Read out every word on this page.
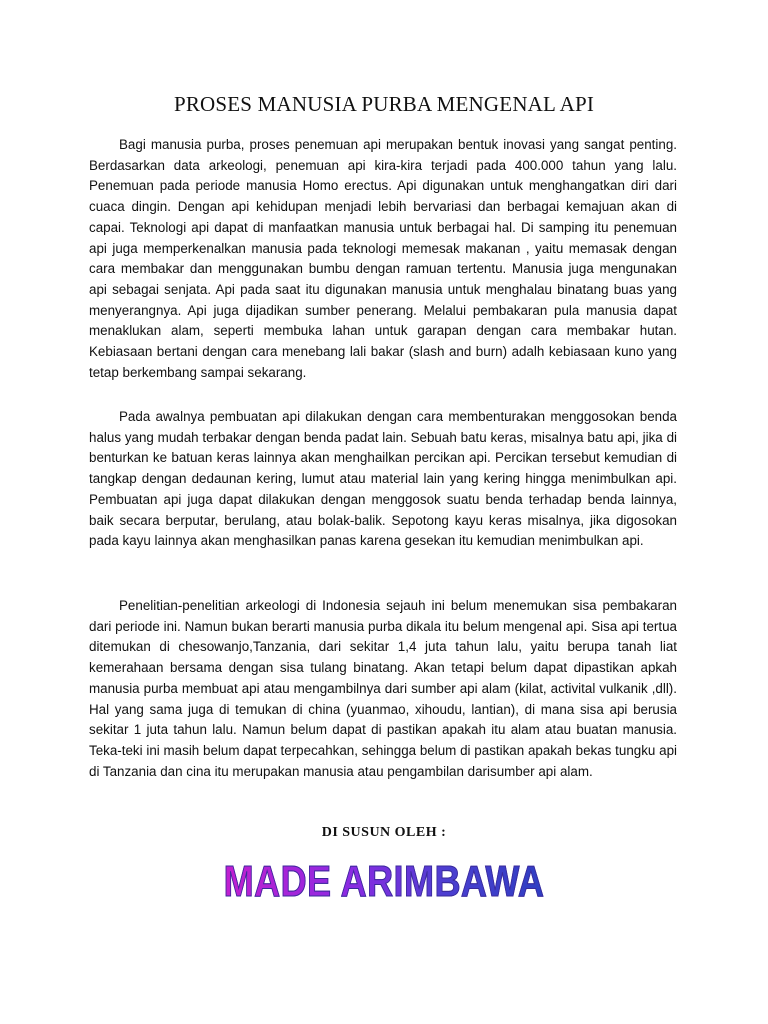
PROSES MANUSIA PURBA MENGENAL API

Bagi manusia purba, proses penemuan api merupakan bentuk inovasi yang sangat penting. Berdasarkan data arkeologi, penemuan api kira-kira terjadi pada 400.000 tahun yang lalu. Penemuan pada periode manusia Homo erectus. Api digunakan untuk menghangatkan diri dari cuaca dingin. Dengan api kehidupan menjadi lebih bervariasi dan berbagai kemajuan akan di capai. Teknologi api dapat di manfaatkan manusia untuk berbagai hal. Di samping itu penemuan api juga memperkenalkan manusia pada teknologi memesak makanan , yaitu memasak dengan cara membakar dan menggunakan bumbu dengan ramuan tertentu. Manusia juga mengunakan api sebagai senjata. Api pada saat itu digunakan manusia untuk menghalau binatang buas yang menyerangnya. Api juga dijadikan sumber penerang. Melalui pembakaran pula manusia dapat menaklukan alam, seperti membuka lahan untuk garapan dengan cara membakar hutan. Kebiasaan bertani dengan cara menebang lali bakar (slash and burn) adalh kebiasaan kuno yang tetap berkembang sampai sekarang.

Pada awalnya pembuatan api dilakukan dengan cara membenturakan menggosokan benda halus yang mudah terbakar dengan benda padat lain. Sebuah batu keras, misalnya batu api, jika di benturkan ke batuan keras lainnya akan menghailkan percikan api. Percikan tersebut kemudian di tangkap dengan dedaunan kering, lumut atau material lain yang kering hingga menimbulkan api. Pembuatan api juga dapat dilakukan dengan menggosok suatu benda terhadap benda lainnya, baik secara berputar, berulang, atau bolak-balik. Sepotong kayu keras misalnya, jika digosokan pada kayu lainnya akan menghasilkan panas karena gesekan itu kemudian menimbulkan api.

Penelitian-penelitian arkeologi di Indonesia sejauh ini belum menemukan sisa pembakaran dari periode ini. Namun bukan berarti manusia purba dikala itu belum mengenal api. Sisa api tertua ditemukan di chesowanjo,Tanzania, dari sekitar 1,4 juta tahun lalu, yaitu berupa tanah liat kemerahaan bersama dengan sisa tulang binatang. Akan tetapi belum dapat dipastikan apkah manusia purba membuat api atau mengambilnya dari sumber api alam (kilat, activital vulkanik ,dll). Hal yang sama juga di temukan di china (yuanmao, xihoudu, lantian), di mana sisa api berusia sekitar 1 juta tahun lalu. Namun belum dapat di pastikan apakah itu alam atau buatan manusia. Teka-teki ini masih belum dapat terpecahkan, sehingga belum di pastikan apakah bekas tungku api di Tanzania dan cina itu merupakan manusia atau pengambilan darisumber api alam.

DI SUSUN OLEH :

MADE ARIMBAWA
